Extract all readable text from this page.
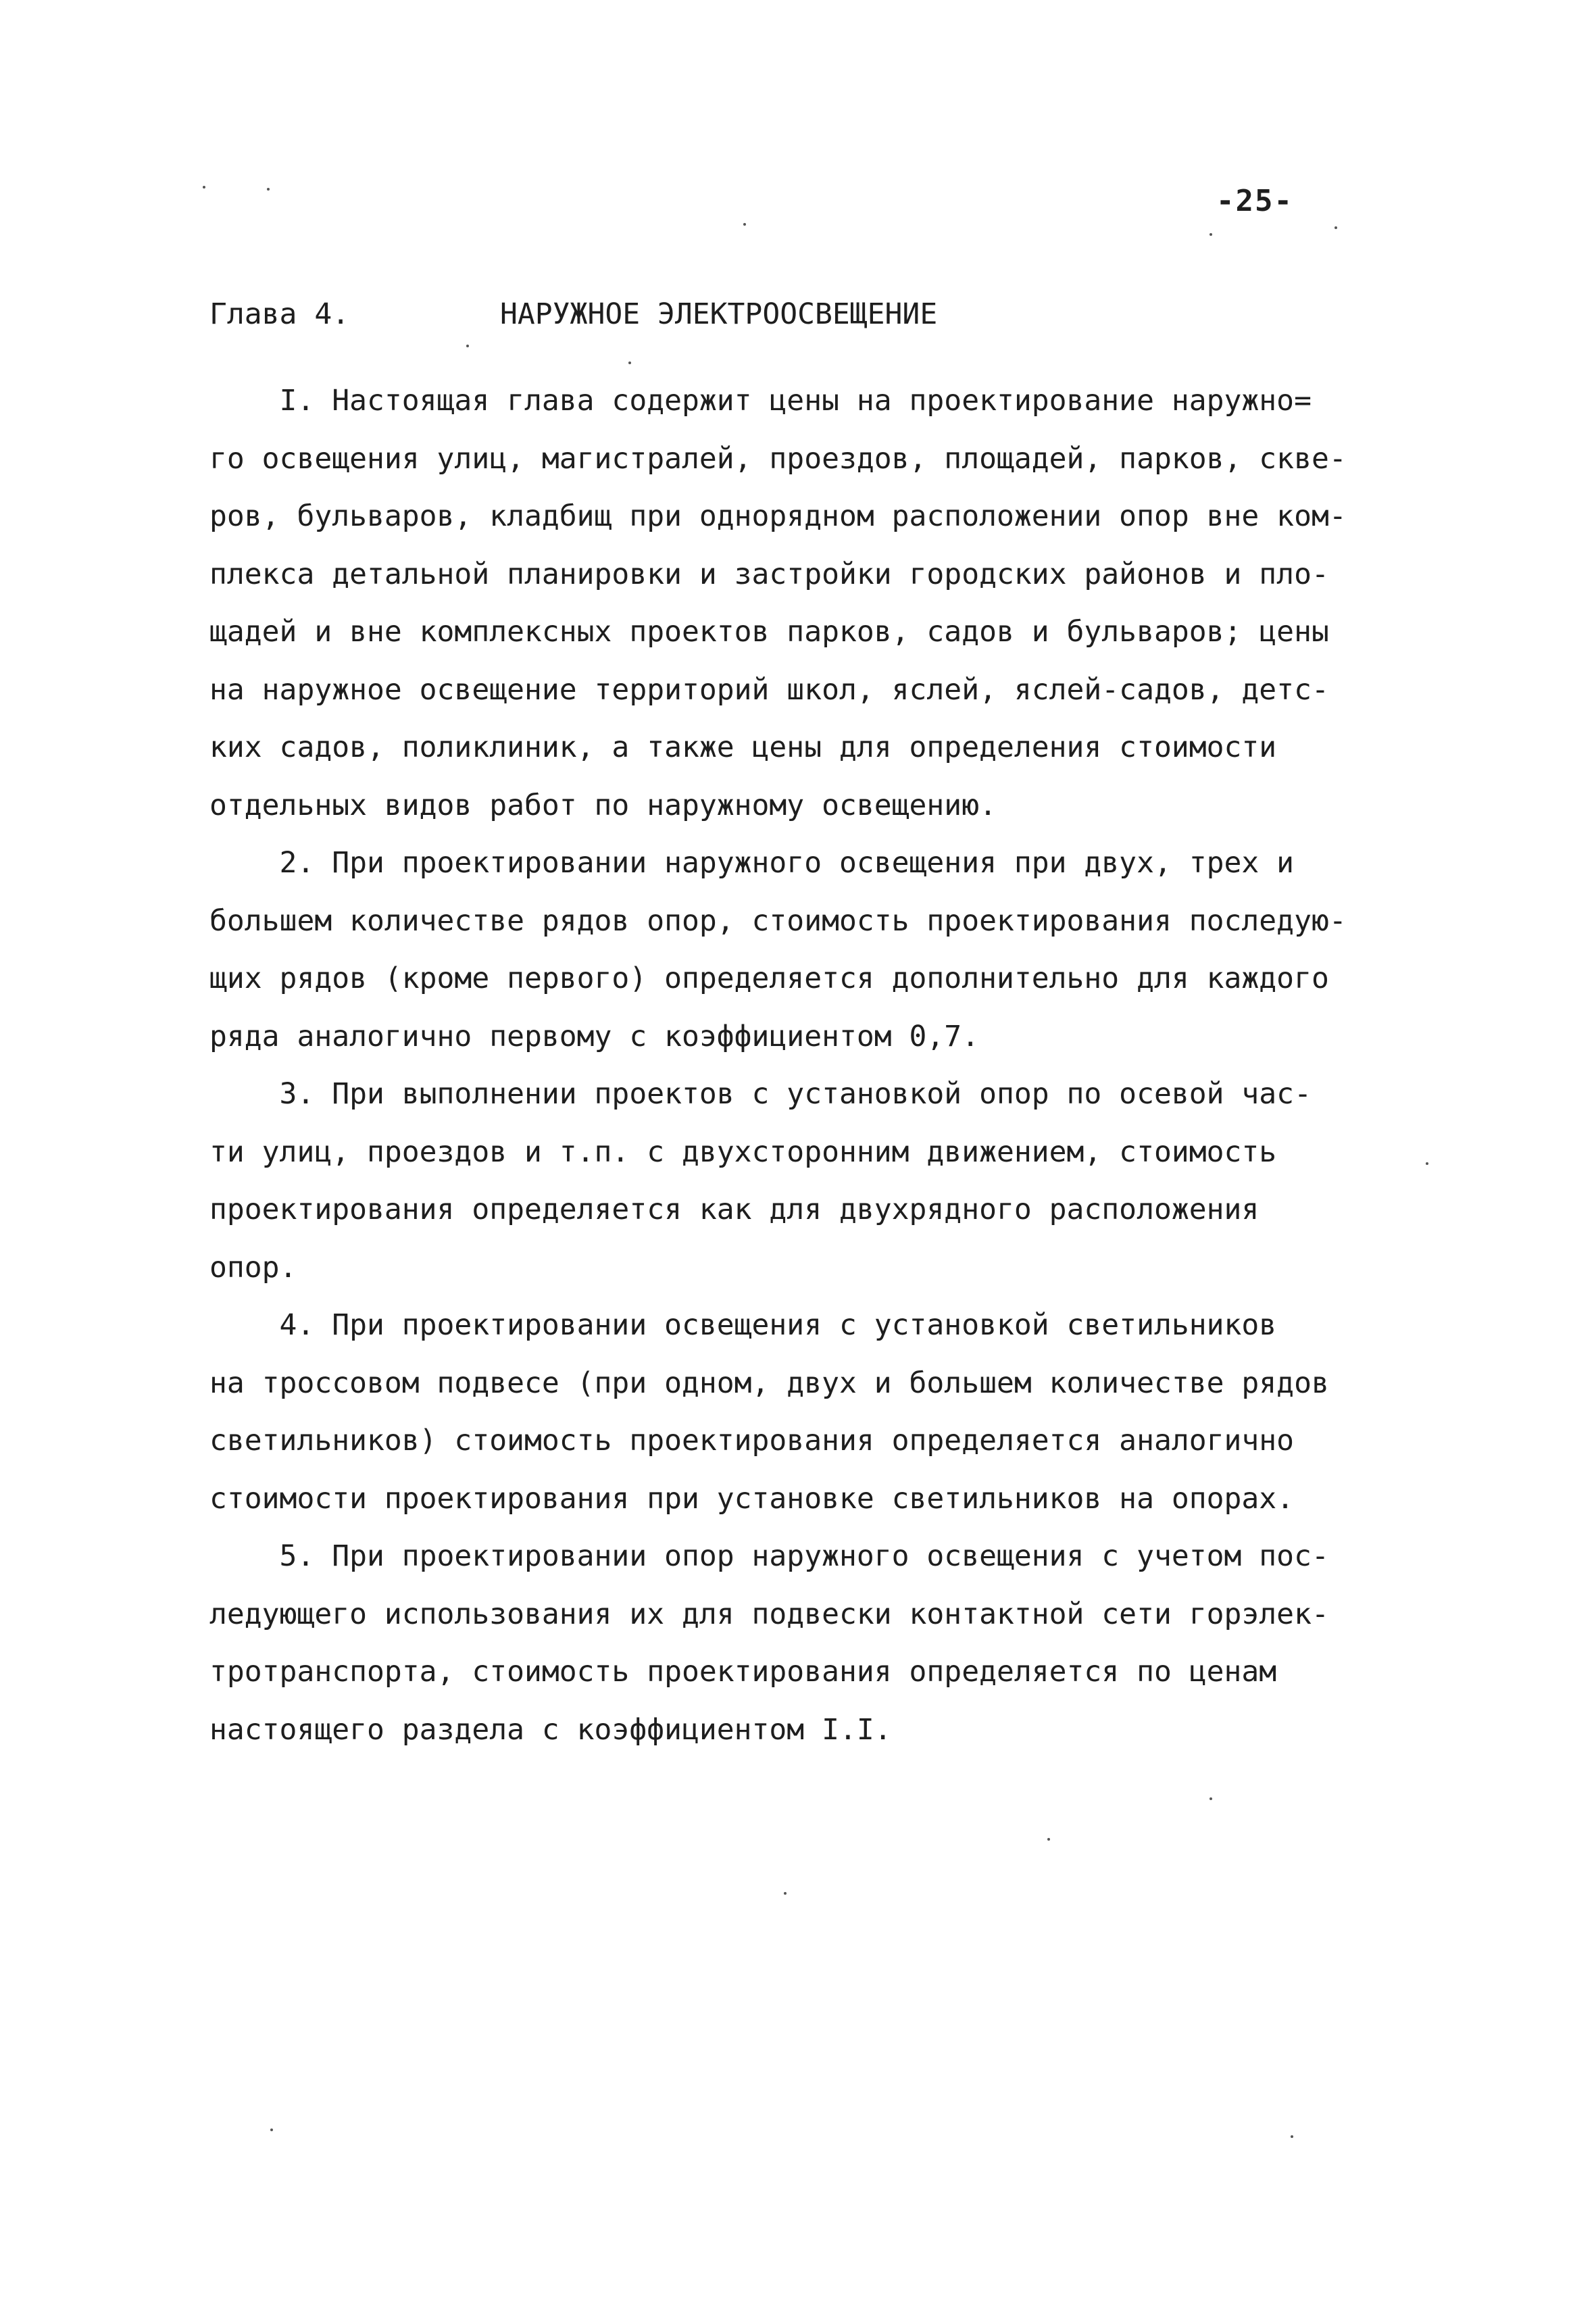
-25-
Глава 4.	НАРУЖНОЕ ЭЛЕКТРООСВЕЩЕНИЕ
I. Настоящая глава содержит цены на проектирование наружно=
го освещения улиц, магистралей, проездов, площадей, парков, скве-
ров, бульваров, кладбищ при однорядном расположении опор вне ком-
плекса детальной планировки и застройки городских районов и пло-
щадей и вне комплексных проектов парков, садов и бульваров; цены
на наружное освещение территорий школ, яслей, яслей-садов, детс-
ких садов, поликлиник, а также цены для определения стоимости
отдельных видов работ по наружному освещению.
2. При проектировании наружного освещения при двух, трех и
большем количестве рядов опор, стоимость проектирования последую-
щих рядов (кроме первого) определяется дополнительно для каждого
ряда аналогично первому с коэффициентом 0,7.
3. При выполнении проектов с установкой опор по осевой час-
ти улиц, проездов и т.п. с двухсторонним движением, стоимость
проектирования определяется как для двухрядного расположения
опор.
4. При проектировании освещения с установкой светильников
на троссовом подвесе (при одном, двух и большем количестве рядов
светильников) стоимость проектирования определяется аналогично
стоимости проектирования при установке светильников на опорах.
5. При проектировании опор наружного освещения с учетом пос-
ледующего использования их для подвески контактной сети горэлек-
тротранспорта, стоимость проектирования определяется по ценам
настоящего раздела с коэффициентом I.I.
